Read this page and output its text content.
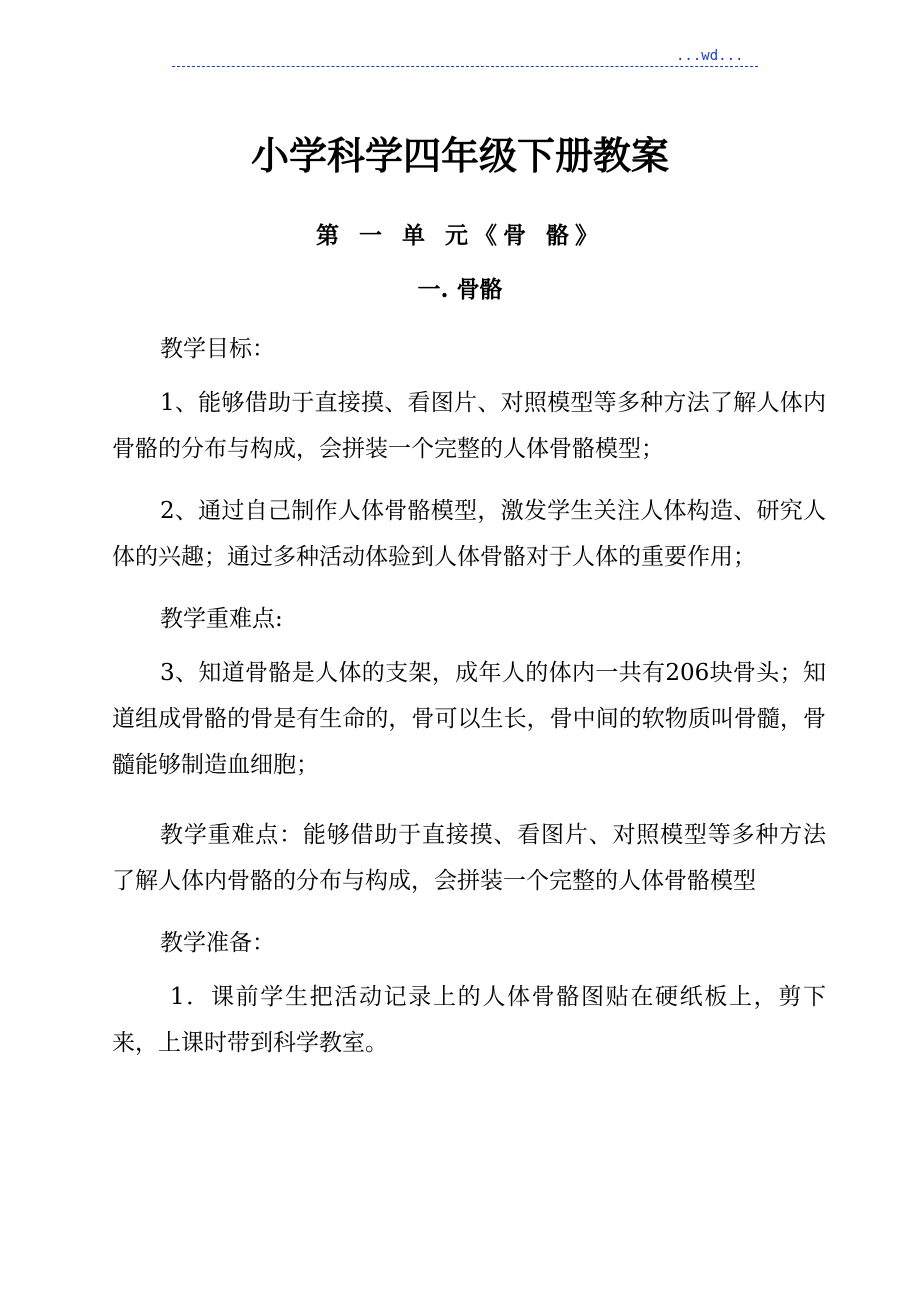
...wd...
小学科学四年级下册教案
第 一 单 元《骨 骼》
一. 骨骼
教学目标：
1、能够借助于直接摸、看图片、对照模型等多种方法了解人体内骨骼的分布与构成，会拼装一个完整的人体骨骼模型；
2、通过自己制作人体骨骼模型，激发学生关注人体构造、研究人体的兴趣；通过多种活动体验到人体骨骼对于人体的重要作用；
教学重难点:
3、知道骨骼是人体的支架，成年人的体内一共有206块骨头；知道组成骨骼的骨是有生命的，骨可以生长，骨中间的软物质叫骨髓，骨髓能够制造血细胞；
教学重难点：能够借助于直接摸、看图片、对照模型等多种方法了解人体内骨骼的分布与构成，会拼装一个完整的人体骨骼模型
教学准备：
1．课前学生把活动记录上的人体骨骼图贴在硬纸板上，剪下来，上课时带到科学教室。
